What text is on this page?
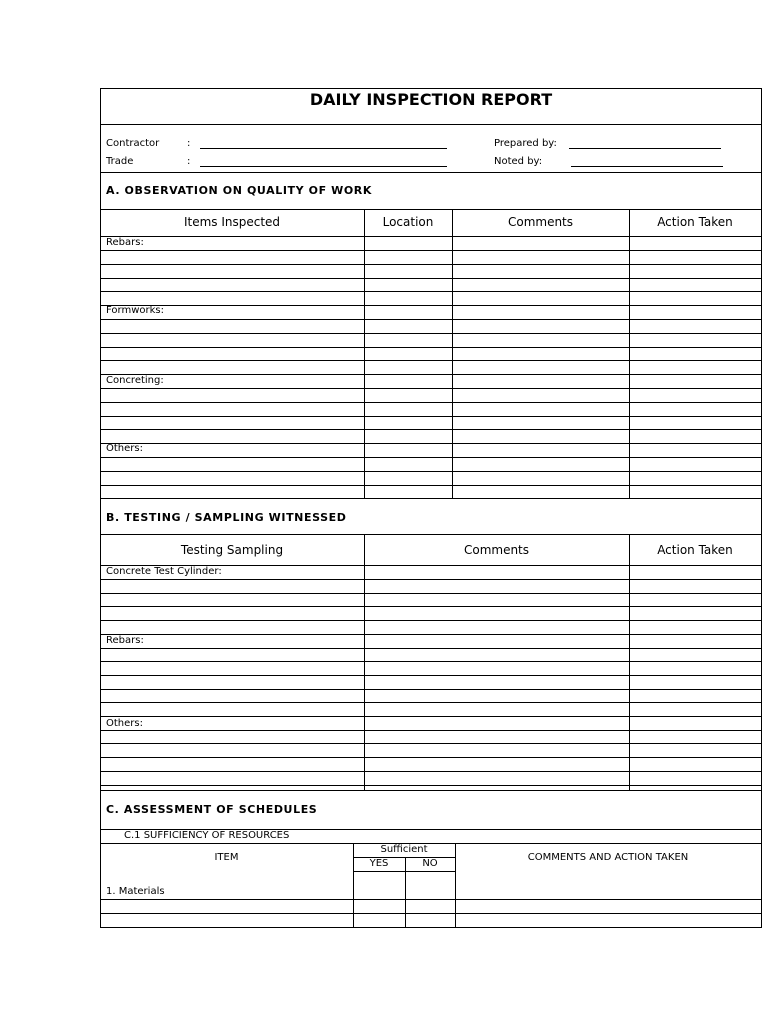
DAILY INSPECTION REPORT
Contractor	:
Trade	:
Prepared by:
Noted by:
A. OBSERVATION ON QUALITY OF WORK
Items Inspected	Location	Comments	Action Taken
Rebars:
Formworks:
Concreting:
Others:
B. TESTING / SAMPLING WITNESSED
Testing Sampling	Comments	Action Taken
Concrete Test Cylinder:
Rebars:
Others:
C. ASSESSMENT OF SCHEDULES
C.1 SUFFICIENCY OF RESOURCES
ITEM
Sufficient
YES	NO
COMMENTS AND ACTION TAKEN
1. Materials
